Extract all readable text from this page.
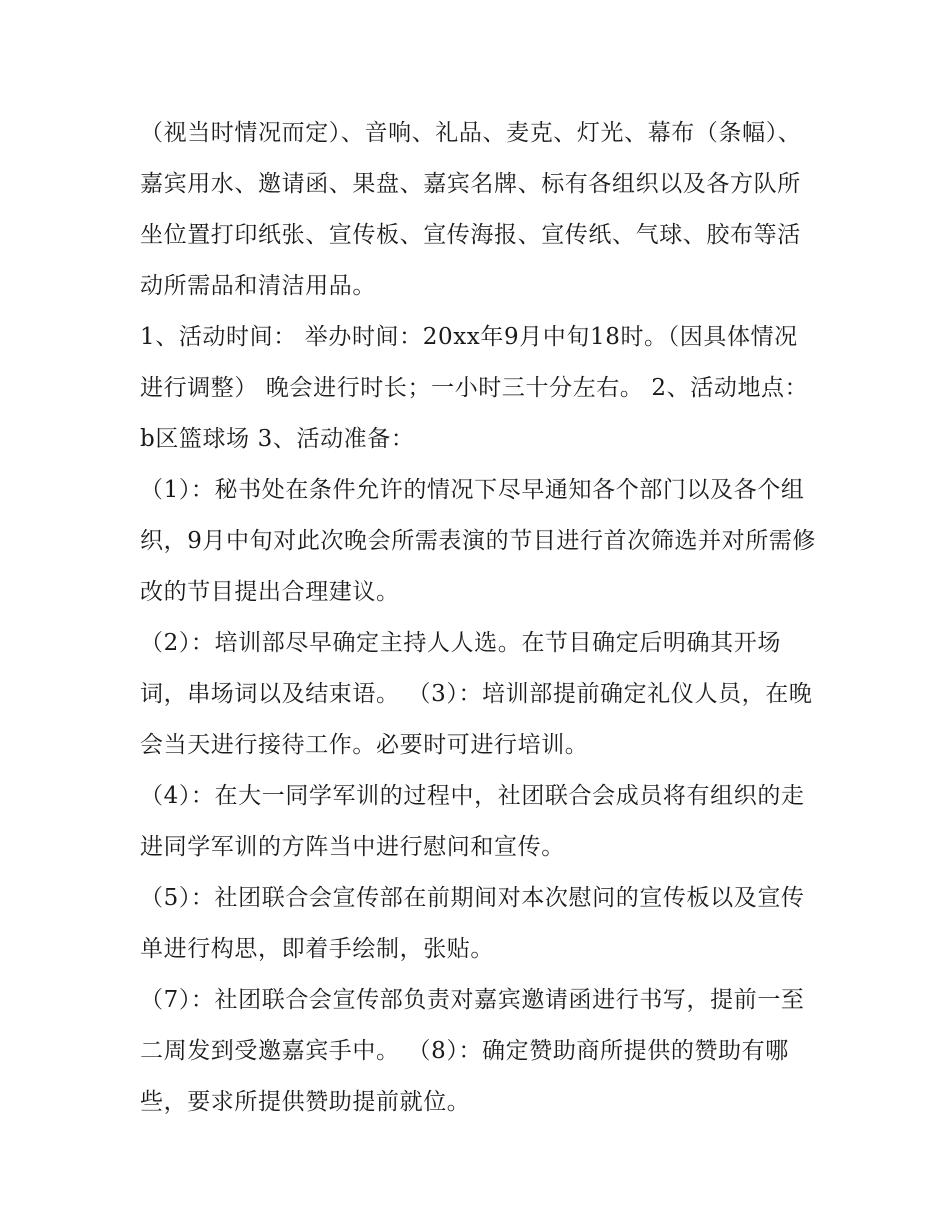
（视当时情况而定）、音响、礼品、麦克、灯光、幕布（条幅）、嘉宾用水、邀请函、果盘、嘉宾名牌、标有各组织以及各方队所坐位置打印纸张、宣传板、宣传海报、宣传纸、气球、胶布等活动所需品和清洁用品。

1、活动时间： 举办时间：20xx年9月中旬18时。（因具体情况进行调整） 晚会进行时长；一小时三十分左右。 2、活动地点： b区篮球场 3、活动准备：

（1）：秘书处在条件允许的情况下尽早通知各个部门以及各个组织，9月中旬对此次晚会所需表演的节目进行首次筛选并对所需修改的节目提出合理建议。

（2）：培训部尽早确定主持人人选。在节目确定后明确其开场词，串场词以及结束语。 （3）：培训部提前确定礼仪人员，在晚会当天进行接待工作。必要时可进行培训。

（4）：在大一同学军训的过程中，社团联合会成员将有组织的走进同学军训的方阵当中进行慰问和宣传。

（5）：社团联合会宣传部在前期间对本次慰问的宣传板以及宣传单进行构思，即着手绘制，张贴。

（7）：社团联合会宣传部负责对嘉宾邀请函进行书写，提前一至二周发到受邀嘉宾手中。 （8）：确定赞助商所提供的赞助有哪些，要求所提供赞助提前就位。
